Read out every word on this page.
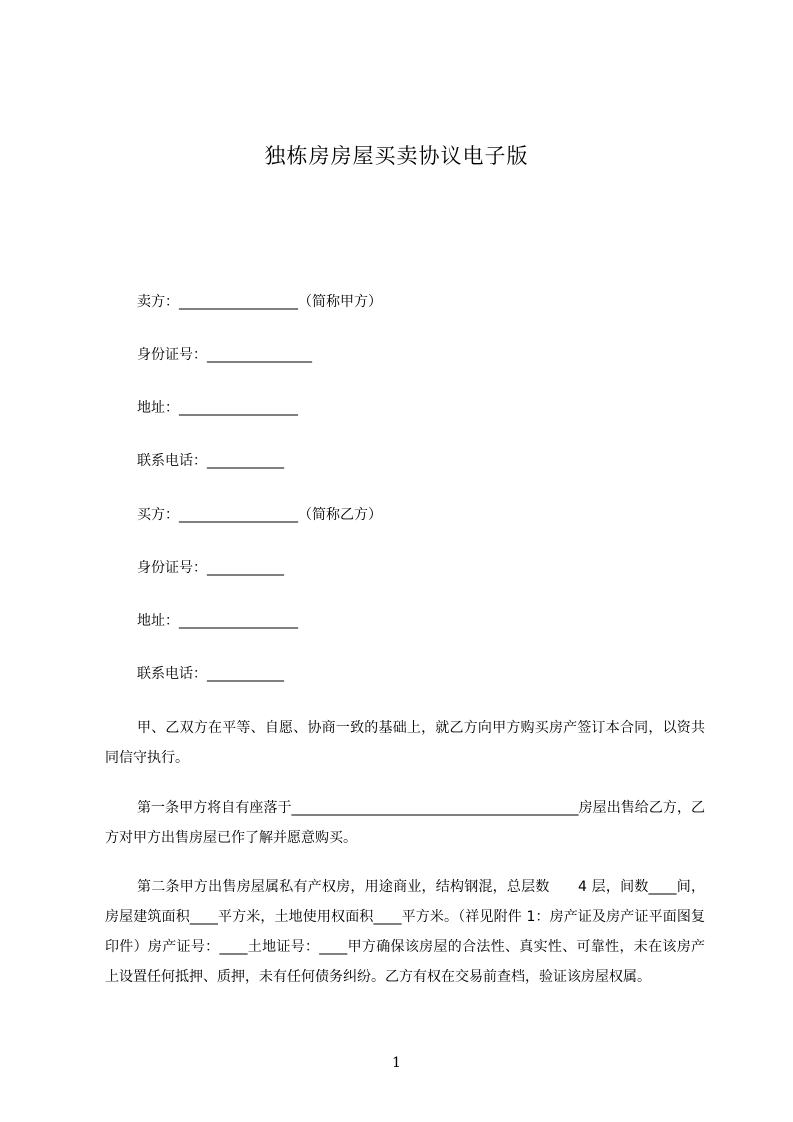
独栋房房屋买卖协议电子版
卖方：_________________（简称甲方）
身份证号：_______________
地址：_________________
联系电话：___________
买方：_________________（简称乙方）
身份证号：___________
地址：_________________
联系电话：___________

甲、乙双方在平等、自愿、协商一致的基础上，就乙方向甲方购买房产签订本合同，以资共同信守执行。

第一条甲方将自有座落于_________________________________________房屋出售给乙方，乙方对甲方出售房屋已作了解并愿意购买。

第二条甲方出售房屋属私有产权房，用途商业，结构钢混，总层数　　4 层，间数____间，房屋建筑面积____平方米，土地使用权面积____平方米。（祥见附件 1：房产证及房产证平面图复印件）房产证号：____土地证号：____甲方确保该房屋的合法性、真实性、可靠性，未在该房产上设置任何抵押、质押，未有任何债务纠纷。乙方有权在交易前查档，验证该房屋权属。

1
